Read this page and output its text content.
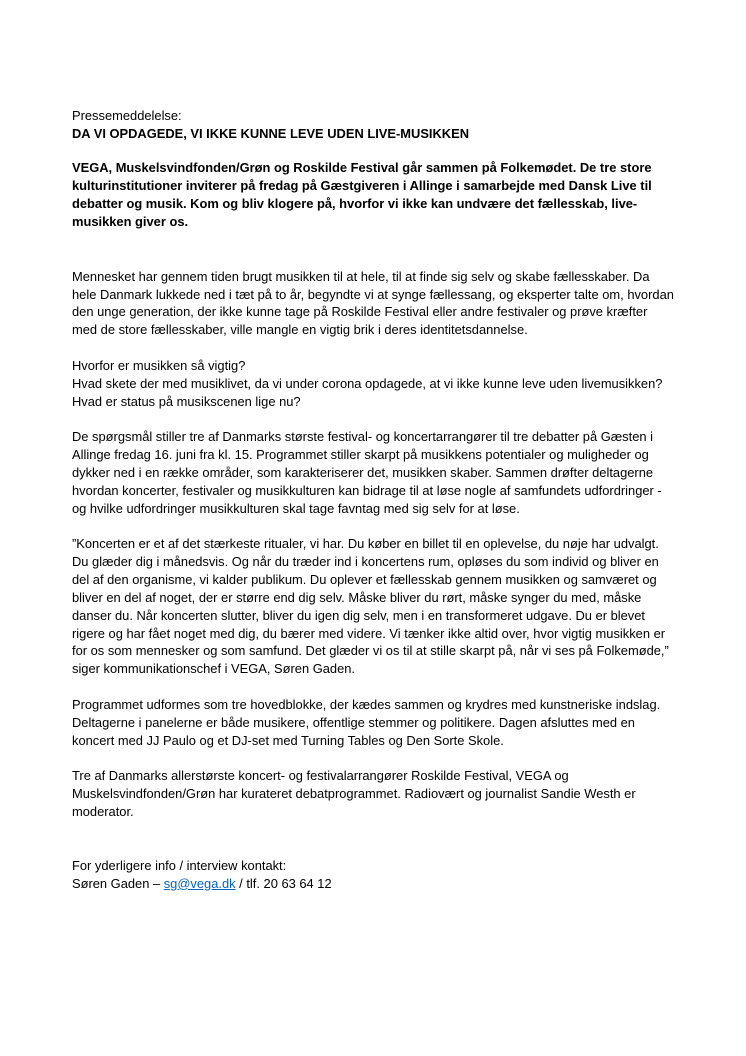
Pressemeddelelse:

DA VI OPDAGEDE, VI IKKE KUNNE LEVE UDEN LIVE-MUSIKKEN

VEGA, Muskelsvindfonden/Grøn og Roskilde Festival går sammen på Folkemødet. De tre store kulturinstitutioner inviterer på fredag på Gæstgiveren i Allinge i samarbejde med Dansk Live til debatter og musik. Kom og bliv klogere på, hvorfor vi ikke kan undvære det fællesskab, live-musikken giver os.

Mennesket har gennem tiden brugt musikken til at hele, til at finde sig selv og skabe fællesskaber. Da hele Danmark lukkede ned i tæt på to år, begyndte vi at synge fællessang, og eksperter talte om, hvordan den unge generation, der ikke kunne tage på Roskilde Festival eller andre festivaler og prøve kræfter med de store fællesskaber, ville mangle en vigtig brik i deres identitetsdannelse.

Hvorfor er musikken så vigtig?

Hvad skete der med musiklivet, da vi under corona opdagede, at vi ikke kunne leve uden livemusikken?

Hvad er status på musikscenen lige nu?

De spørgsmål stiller tre af Danmarks største festival- og koncertarrangører til tre debatter på Gæsten i Allinge fredag 16. juni fra kl. 15. Programmet stiller skarpt på musikkens potentialer og muligheder og dykker ned i en række områder, som karakteriserer det, musikken skaber. Sammen drøfter deltagerne hvordan koncerter, festivaler og musikkulturen kan bidrage til at løse nogle af samfundets udfordringer - og hvilke udfordringer musikkulturen skal tage favntag med sig selv for at løse.

”Koncerten er et af det stærkeste ritualer, vi har. Du køber en billet til en oplevelse, du nøje har udvalgt. Du glæder dig i månedsvis. Og når du træder ind i koncertens rum, opløses du som individ og bliver en del af den organisme, vi kalder publikum. Du oplever et fællesskab gennem musikken og samværet og bliver en del af noget, der er større end dig selv. Måske bliver du rørt, måske synger du med, måske danser du. Når koncerten slutter, bliver du igen dig selv, men i en transformeret udgave. Du er blevet rigere og har fået noget med dig, du bærer med videre. Vi tænker ikke altid over, hvor vigtig musikken er for os som mennesker og som samfund. Det glæder vi os til at stille skarpt på, når vi ses på Folkemøde,” siger kommunikationschef i VEGA, Søren Gaden.

Programmet udformes som tre hovedblokke, der kædes sammen og krydres med kunstneriske indslag. Deltagerne i panelerne er både musikere, offentlige stemmer og politikere. Dagen afsluttes med en koncert med JJ Paulo og et DJ-set med Turning Tables og Den Sorte Skole.

Tre af Danmarks allerstørste koncert- og festivalarrangører Roskilde Festival, VEGA og Muskelsvindfonden/Grøn har kurateret debatprogrammet. Radiovært og journalist Sandie Westh er moderator.

For yderligere info / interview kontakt:

Søren Gaden – sg@vega.dk / tlf. 20 63 64 12
